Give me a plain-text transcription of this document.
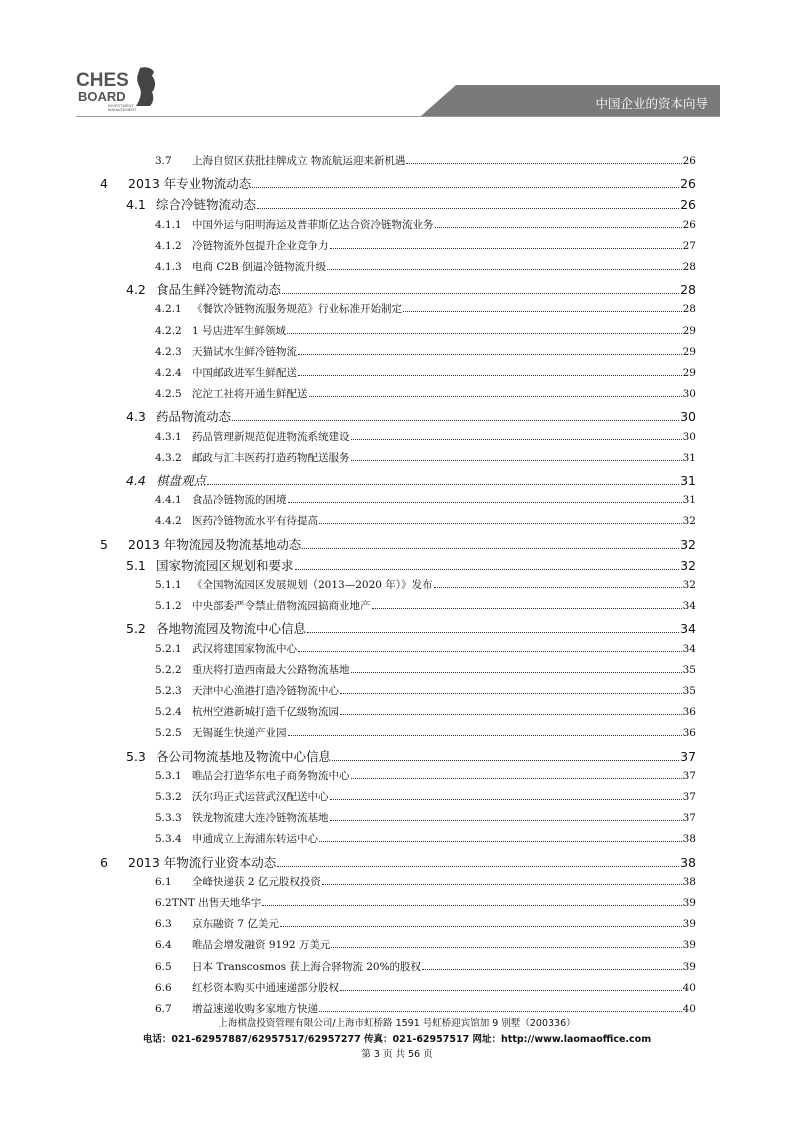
CHES
BOARD
INVESTMENT
MANAGEMENT	中国企业的资本向导
3.7	上海自贸区获批挂牌成立 物流航运迎来新机遇	26
4	2013 年专业物流动态	26
4.1 综合冷链物流动态	26
4.1.1 中国外运与阳明海运及普菲斯亿达合资冷链物流业务	26
4.1.2 冷链物流外包提升企业竞争力	27
4.1.3 电商 C2B 倒逼冷链物流升级	28
4.2 食品生鲜冷链物流动态	28
4.2.1 《餐饮冷链物流服务规范》行业标准开始制定	28
4.2.2 1 号店进军生鲜领域	29
4.2.3 天猫试水生鲜冷链物流	29
4.2.4 中国邮政进军生鲜配送	29
4.2.5 沱沱工社将开通生鲜配送	30
4.3 药品物流动态	30
4.3.1 药品管理新规范促进物流系统建设	30
4.3.2 邮政与汇丰医药打造药物配送服务	31
4.4 棋盘观点	31
4.4.1 食品冷链物流的困境	31
4.4.2 医药冷链物流水平有待提高	32
5	2013 年物流园及物流基地动态	32
5.1 国家物流园区规划和要求	32
5.1.1 《全国物流园区发展规划（2013—2020 年）》发布	32
5.1.2 中央部委严令禁止借物流园搞商业地产	34
5.2 各地物流园及物流中心信息	34
5.2.1 武汉将建国家物流中心	34
5.2.2 重庆将打造西南最大公路物流基地	35
5.2.3 天津中心渔港打造冷链物流中心	35
5.2.4 杭州空港新城打造千亿级物流园	36
5.2.5 无锡诞生快递产业园	36
5.3 各公司物流基地及物流中心信息	37
5.3.1 唯品会打造华东电子商务物流中心	37
5.3.2 沃尔玛正式运营武汉配送中心	37
5.3.3 铁龙物流建大连冷链物流基地	37
5.3.4 申通成立上海浦东转运中心	38
6	2013 年物流行业资本动态	38
6.1	全峰快递获 2 亿元股权投资	38
6.2 TNT 出售天地华宇	39
6.3	京东融资 7 亿美元	39
6.4	唯品会增发融资 9192 万美元	39
6.5	日本 Transcosmos 获上海合驿物流 20%的股权	39
6.6	红杉资本购买中通速递部分股权	40
6.7	增益速递收购多家地方快递	40
上海棋盘投资管理有限公司/上海市虹桥路 1591 号虹桥迎宾馆加 9 别墅（200336）
电话：021-62957887/62957517/62957277 传真：021-62957517 网址：http://www.laomaoffice.com
第 3 页 共 56 页
